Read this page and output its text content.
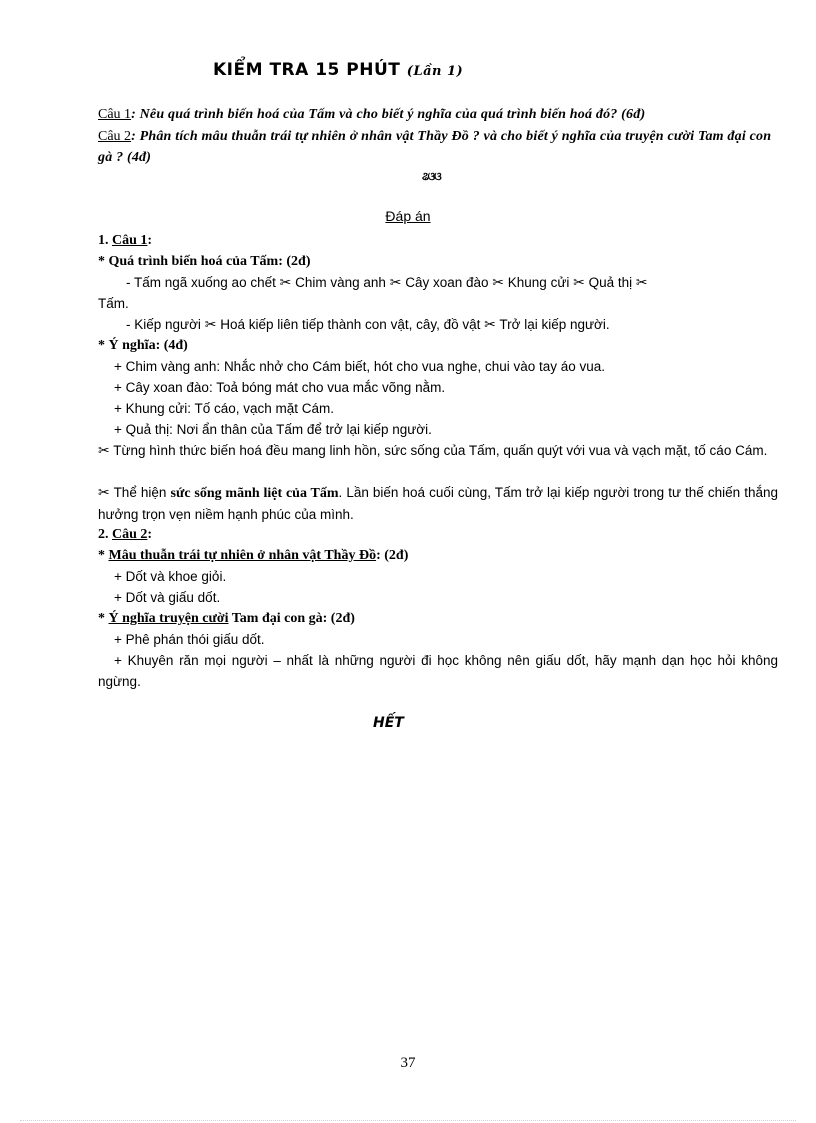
KIỂM TRA 15 PHÚT (Lần 1)
Câu 1: Nêu quá trình biến hoá của Tấm và cho biết ý nghĩa của quá trình biến hoá đó? (6đ)
Câu 2: Phân tích mâu thuẫn trái tự nhiên ở nhân vật Thầy Đồ ? và cho biết ý nghĩa của truyện cười Tam đại con gà ? (4đ)
ଌଓଓ
Đáp án
1. Câu 1:
* Quá trình biến hoá của Tấm: (2đ)
- Tấm ngã xuống ao chết ✂ Chim vàng anh ✂ Cây xoan đào ✂ Khung cửi ✂ Quả thị ✂
Tấm.
- Kiếp người ✂ Hoá kiếp liên tiếp thành con vật, cây, đồ vật ✂ Trở lại kiếp người.
* Ý nghĩa: (4đ)
+ Chim vàng anh: Nhắc nhở cho Cám biết, hót cho vua nghe, chui vào tay áo vua.
+ Cây xoan đào: Toả bóng mát cho vua mắc võng nằm.
+ Khung cửi: Tố cáo, vạch mặt Cám.
+ Quả thị: Nơi ẩn thân của Tấm để trở lại kiếp người.
✂ Từng hình thức biến hoá đều mang linh hồn, sức sống của Tấm, quấn quýt với vua và vạch mặt, tố cáo Cám.
✂ Thể hiện sức sống mãnh liệt của Tấm. Lần biến hoá cuối cùng, Tấm trở lại kiếp người trong tư thế chiến thắng hưởng trọn vẹn niềm hạnh phúc của mình.
2. Câu 2:
* Mâu thuẫn trái tự nhiên ở nhân vật Thầy Đồ: (2đ)
+ Dốt và khoe giỏi.
+ Dốt và giấu dốt.
* Ý nghĩa truyện cười Tam đại con gà: (2đ)
+ Phê phán thói giấu dốt.
+ Khuyên răn mọi người – nhất là những người đi học không nên giấu dốt, hãy mạnh dạn học hỏi không ngừng.
HẾT
37
